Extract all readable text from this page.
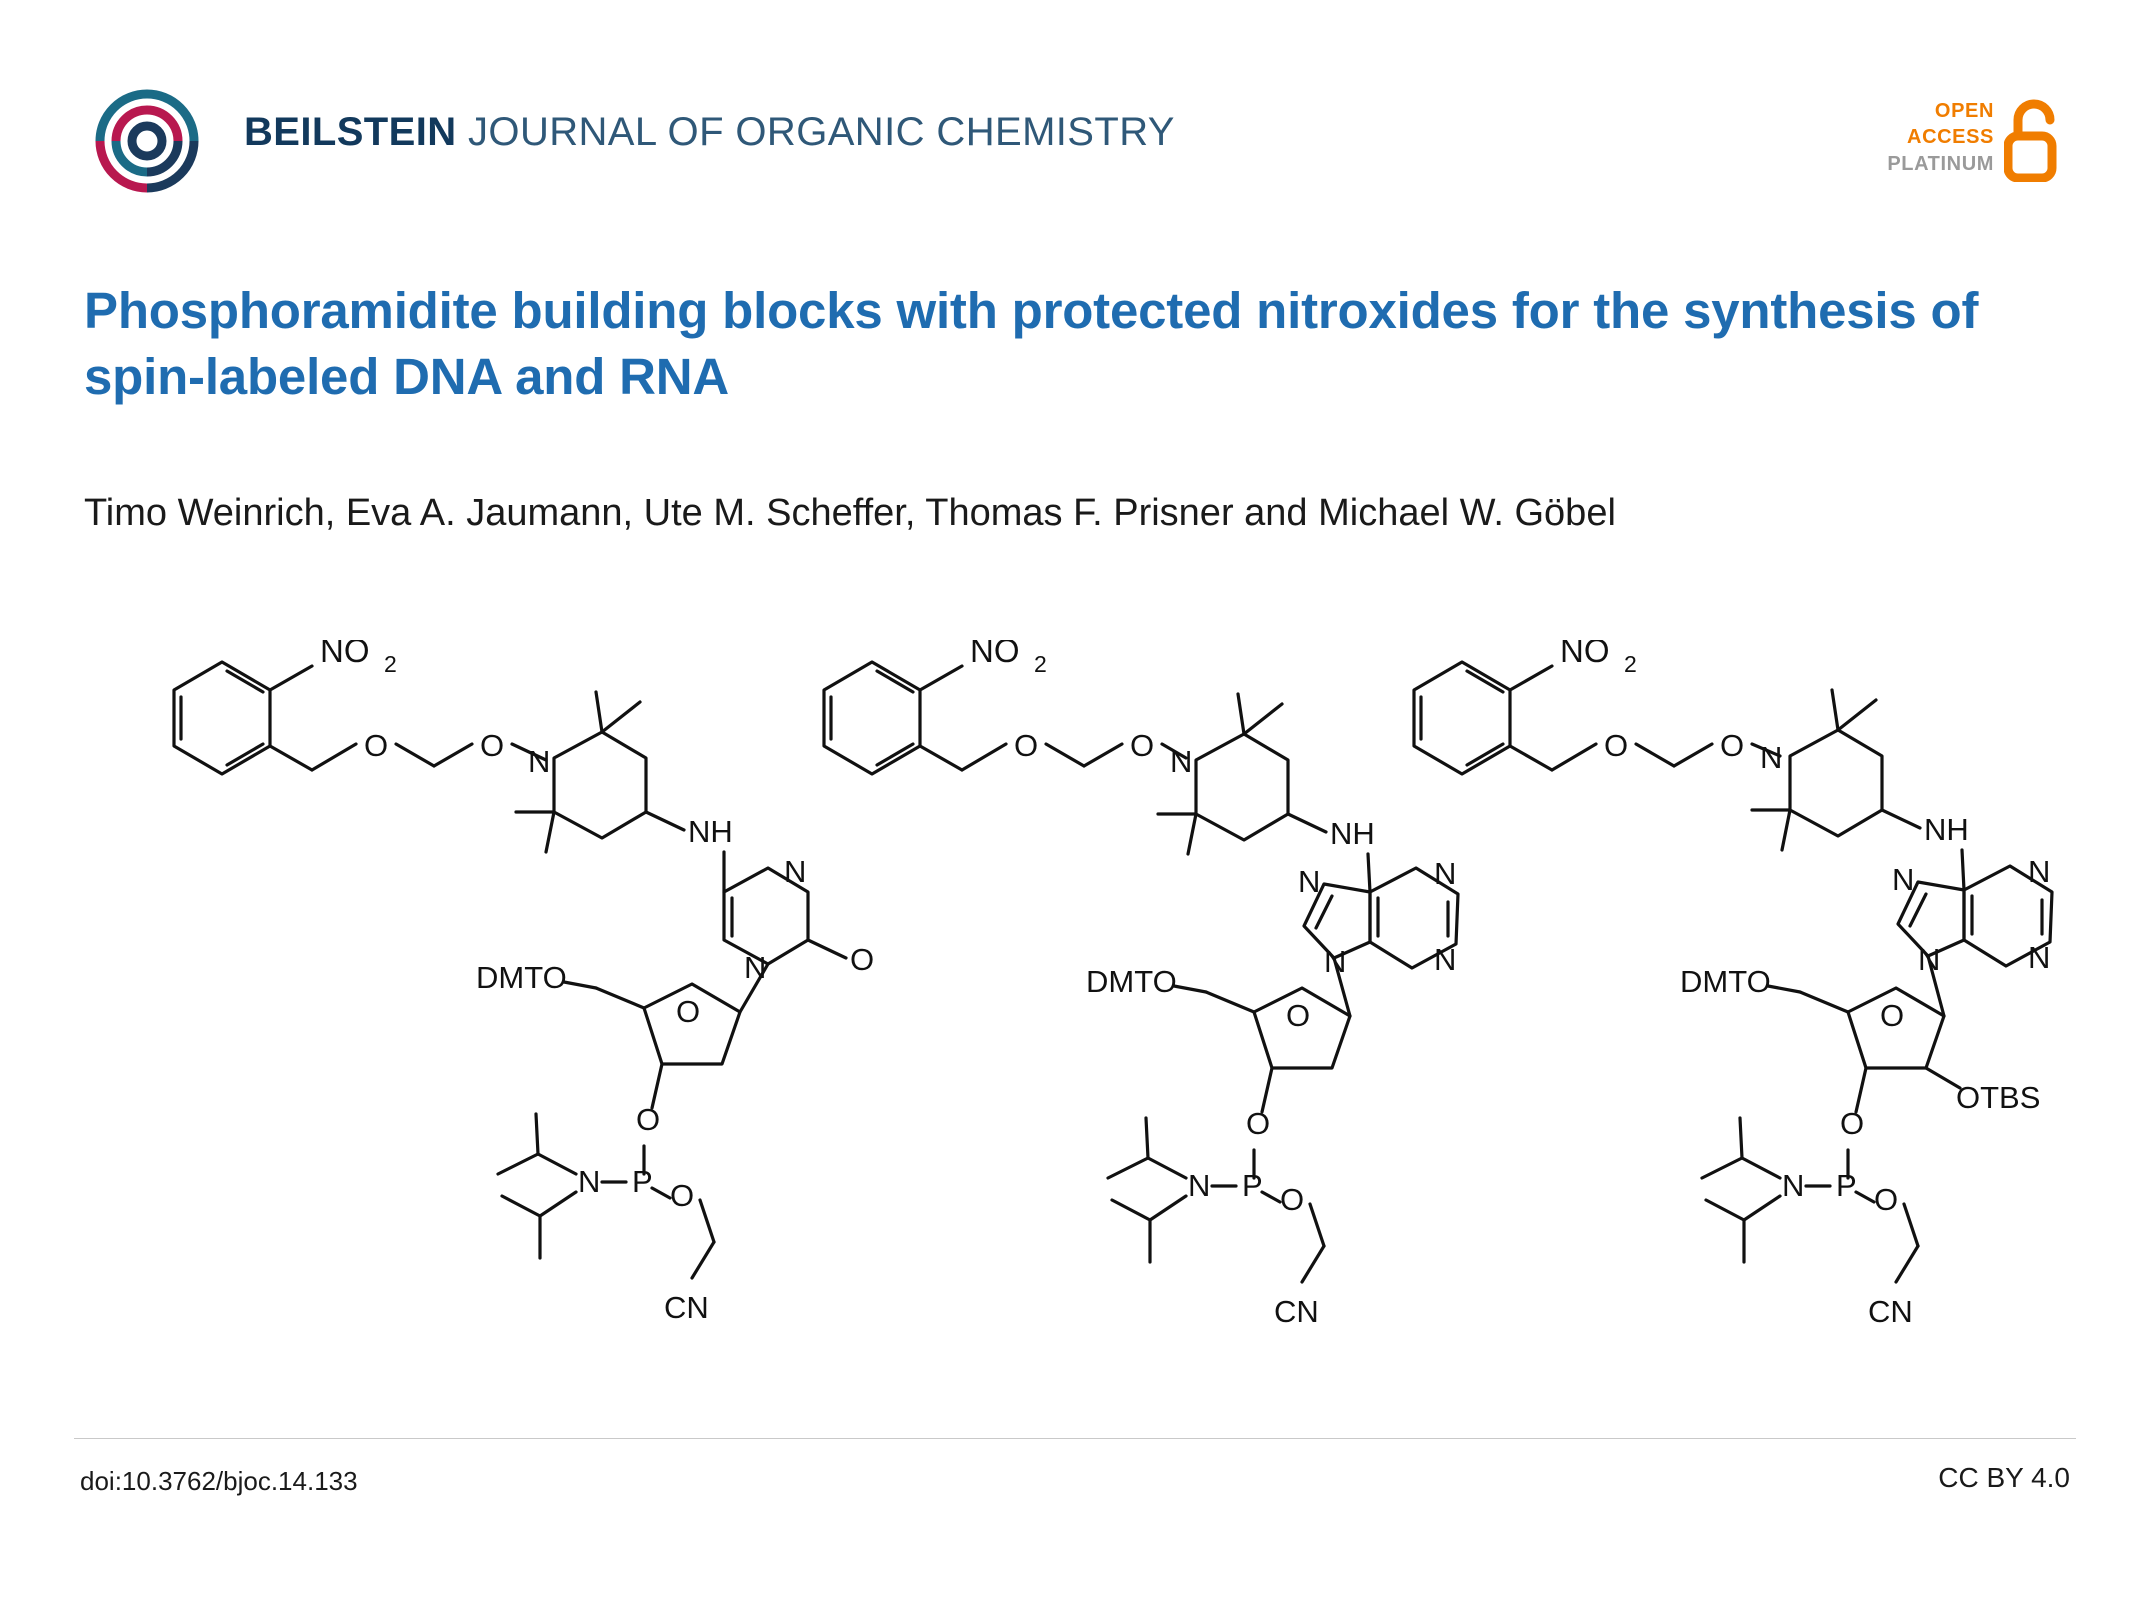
BEILSTEIN JOURNAL OF ORGANIC CHEMISTRY	OPEN
ACCESS
PLATINUM
Phosphoramidite building blocks with protected nitroxides for the synthesis of spin-labeled DNA and RNA
Timo Weinrich, Eva A. Jaumann, Ute M. Scheffer, Thomas F. Prisner and Michael W. Göbel
NO 2
O	O N
NH
N
N	O
O
DMTO
O
P
N O
CN
NO 2
O	O N
NH
N
N
N
N
O
DMTO
O
P
N O
CN
NO 2
O	O N
NH
N
N
N
N
O
DMTO
OTBS
O
P
N O
CN
doi:10.3762/bjoc.14.133	CC BY 4.0
